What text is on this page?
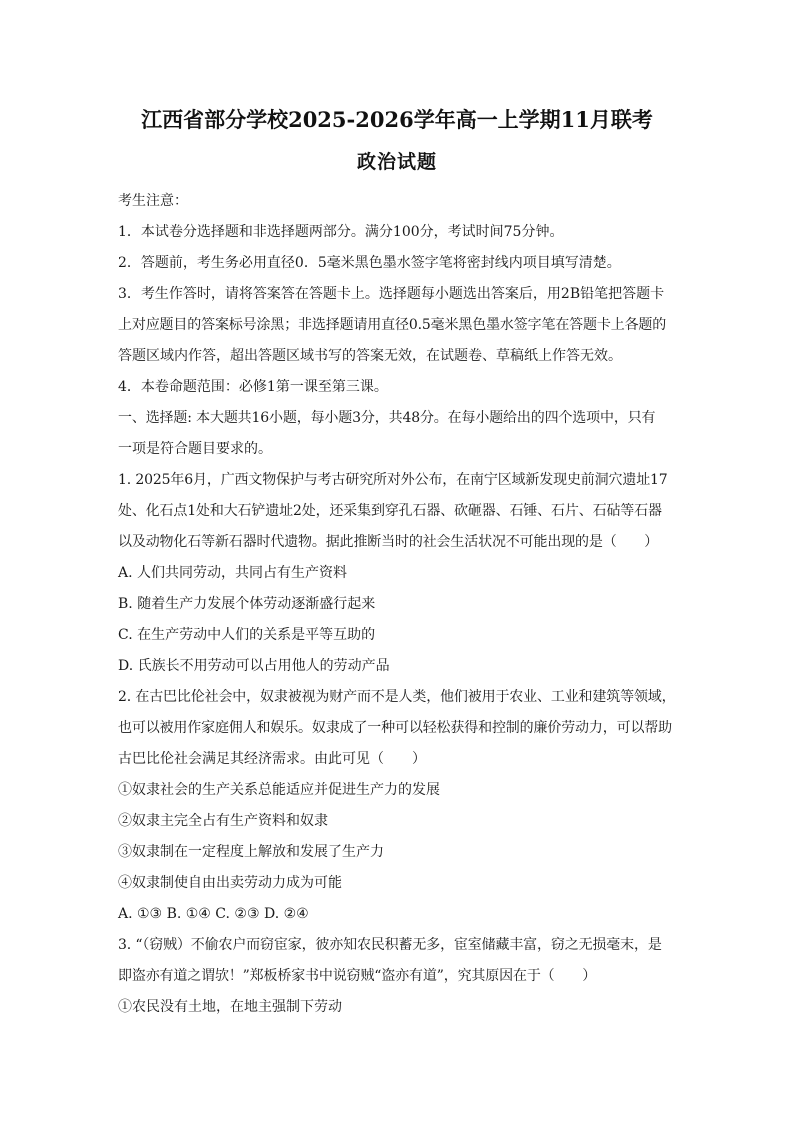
江西省部分学校2025-2026学年高一上学期11月联考
政治试题
考生注意：
1．本试卷分选择题和非选择题两部分。满分100分，考试时间75分钟。
2．答题前，考生务必用直径0．5毫米黑色墨水签字笔将密封线内项目填写清楚。
3．考生作答时，请将答案答在答题卡上。选择题每小题选出答案后，用2B铅笔把答题卡
上对应题目的答案标号涂黑；非选择题请用直径0.5毫米黑色墨水签字笔在答题卡上各题的
答题区域内作答，超出答题区域书写的答案无效，在试题卷、草稿纸上作答无效。
4．本卷命题范围：必修1第一课至第三课。
一、选择题: 本大题共16小题，每小题3分，共48分。在每小题给出的四个选项中，只有
一项是符合题目要求的。
1. 2025年6月，广西文物保护与考古研究所对外公布，在南宁区域新发现史前洞穴遗址17
处、化石点1处和大石铲遗址2处，还采集到穿孔石器、砍砸器、石锤、石片、石砧等石器
以及动物化石等新石器时代遗物。据此推断当时的社会生活状况不可能出现的是（　　）
A. 人们共同劳动，共同占有生产资料
B. 随着生产力发展个体劳动逐渐盛行起来
C. 在生产劳动中人们的关系是平等互助的
D. 氏族长不用劳动可以占用他人的劳动产品
2. 在古巴比伦社会中，奴隶被视为财产而不是人类，他们被用于农业、工业和建筑等领域，
也可以被用作家庭佣人和娱乐。奴隶成了一种可以轻松获得和控制的廉价劳动力，可以帮助
古巴比伦社会满足其经济需求。由此可见（　　）
①奴隶社会的生产关系总能适应并促进生产力的发展
②奴隶主完全占有生产资料和奴隶
③奴隶制在一定程度上解放和发展了生产力
④奴隶制使自由出卖劳动力成为可能
A. ①③ B. ①④ C. ②③ D. ②④
3. “（窃贼）不偷农户而窃宦家，彼亦知农民积蓄无多，宦室储藏丰富，窃之无损毫末，是
即盗亦有道之谓欤！”郑板桥家书中说窃贼“盗亦有道”，究其原因在于（　　）
①农民没有土地，在地主强制下劳动
